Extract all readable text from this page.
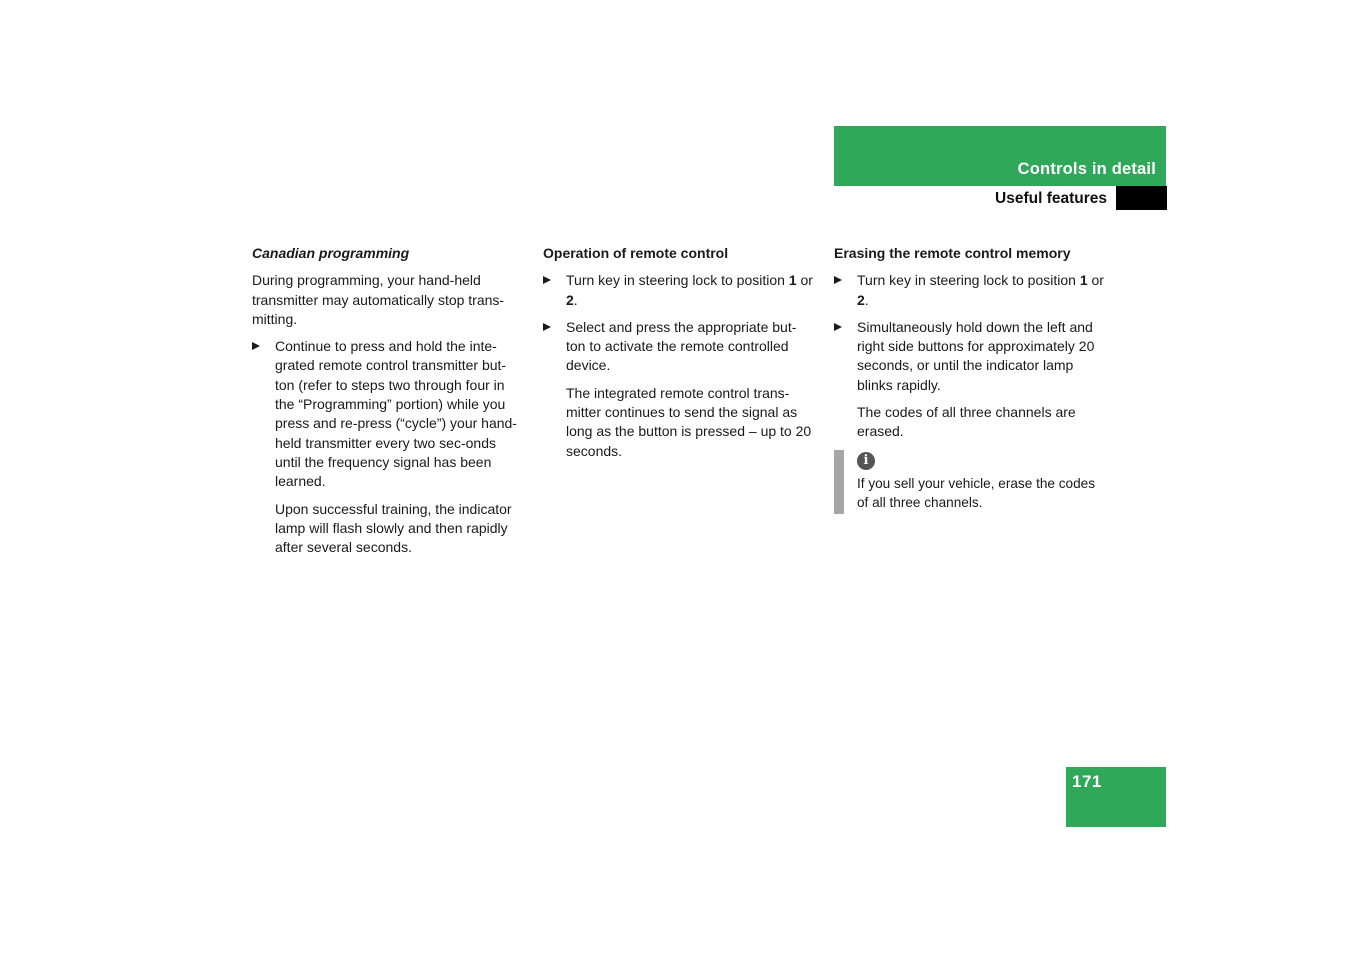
Controls in detail
Useful features
Canadian programming

During programming, your hand-held transmitter may automatically stop trans-mitting.

Continue to press and hold the inte-grated remote control transmitter but-ton (refer to steps two through four in the “Programming” portion) while you press and re-press (“cycle”) your hand-held transmitter every two sec-onds until the frequency signal has been learned.
Upon successful training, the indicator lamp will flash slowly and then rapidly after several seconds.
Operation of remote control
Turn key in steering lock to position 1 or 2.
Select and press the appropriate but-ton to activate the remote controlled device.
The integrated remote control trans-mitter continues to send the signal as long as the button is pressed – up to 20 seconds.
Erasing the remote control memory
Turn key in steering lock to position 1 or 2.
Simultaneously hold down the left and right side buttons for approximately 20 seconds, or until the indicator lamp blinks rapidly.
The codes of all three channels are erased.
i

If you sell your vehicle, erase the codes of all three channels.

171
